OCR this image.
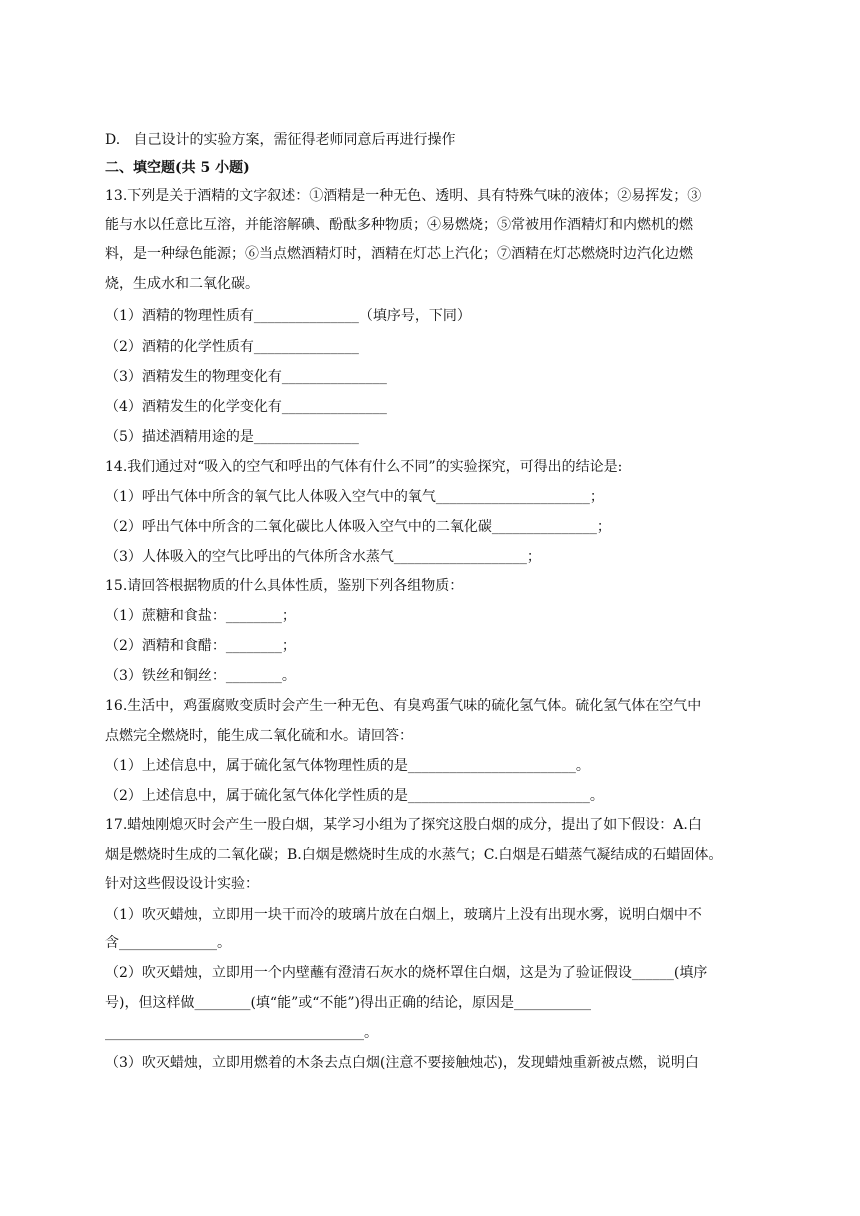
D.   自己设计的实验方案，需征得老师同意后再进行操作
二、填空题(共 5 小题)
13.下列是关于酒精的文字叙述：①酒精是一种无色、透明、具有特殊气味的液体；②易挥发；③
能与水以任意比互溶，并能溶解碘、酚酞多种物质；④易燃烧；⑤常被用作酒精灯和内燃机的燃
料，是一种绿色能源；⑥当点燃酒精灯时，酒精在灯芯上汽化；⑦酒精在灯芯燃烧时边汽化边燃
烧，生成水和二氧化碳。
（1）酒精的物理性质有_______________（填序号，下同）
（2）酒精的化学性质有_______________
（3）酒精发生的物理变化有_______________
（4）酒精发生的化学变化有_______________
（5）描述酒精用途的是_______________
14.我们通过对“吸入的空气和呼出的气体有什么不同”的实验探究，可得出的结论是:
（1）呼出气体中所含的氧气比人体吸入空气中的氧气______________________；
（2）呼出气体中所含的二氧化碳比人体吸入空气中的二氧化碳_______________；
（3）人体吸入的空气比呼出的气体所含水蒸气___________________；
15.请回答根据物质的什么具体性质，鉴别下列各组物质：
（1）蔗糖和食盐：________；
（2）酒精和食醋：________；
（3）铁丝和铜丝：________。
16.生活中，鸡蛋腐败变质时会产生一种无色、有臭鸡蛋气味的硫化氢气体。硫化氢气体在空气中
点燃完全燃烧时，能生成二氧化硫和水。请回答：
（1）上述信息中，属于硫化氢气体物理性质的是________________________。
（2）上述信息中，属于硫化氢气体化学性质的是__________________________。
17.蜡烛刚熄灭时会产生一股白烟，某学习小组为了探究这股白烟的成分，提出了如下假设：A.白
烟是燃烧时生成的二氧化碳；B.白烟是燃烧时生成的水蒸气；C.白烟是石蜡蒸气凝结成的石蜡固体。
针对这些假设设计实验：
（1）吹灭蜡烛，立即用一块干而冷的玻璃片放在白烟上，玻璃片上没有出现水雾，说明白烟中不
含______________。
（2）吹灭蜡烛，立即用一个内壁蘸有澄清石灰水的烧杯罩住白烟，这是为了验证假设______(填序
号)，但这样做________(填“能”或“不能”)得出正确的结论，原因是___________
_____________________________________。
（3）吹灭蜡烛，立即用燃着的木条去点白烟(注意不要接触烛芯)，发现蜡烛重新被点燃，说明白
